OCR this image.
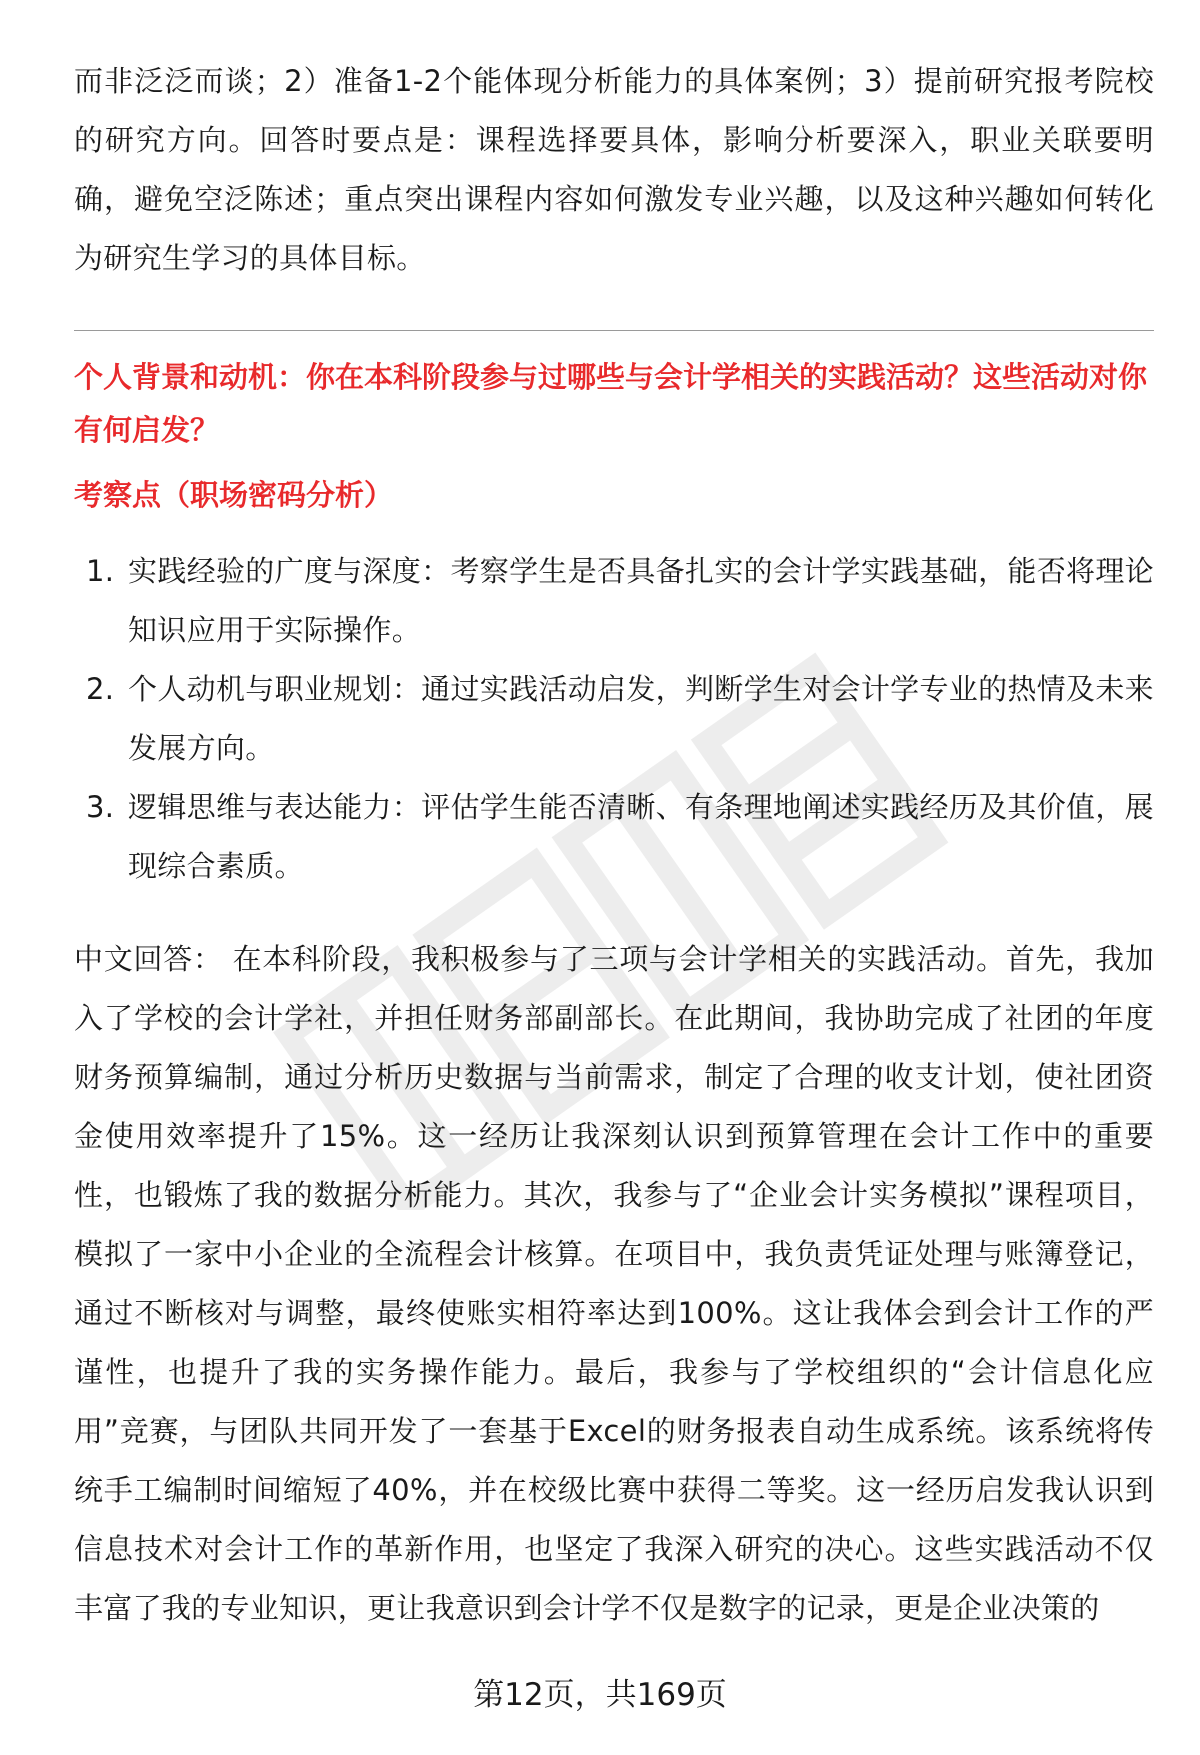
而非泛泛而谈；2）准备1-2个能体现分析能力的具体案例；3）提前研究报考院校的研究方向。回答时要点是：课程选择要具体，影响分析要深入，职业关联要明确，避免空泛陈述；重点突出课程内容如何激发专业兴趣，以及这种兴趣如何转化为研究生学习的具体目标。

个人背景和动机：你在本科阶段参与过哪些与会计学相关的实践活动？这些活动对你有何启发？
考察点（职场密码分析）
1. 实践经验的广度与深度：考察学生是否具备扎实的会计学实践基础，能否将理论知识应用于实际操作。
2. 个人动机与职业规划：通过实践活动启发，判断学生对会计学专业的热情及未来发展方向。
3. 逻辑思维与表达能力：评估学生能否清晰、有条理地阐述实践经历及其价值，展现综合素质。

中文回答： 在本科阶段，我积极参与了三项与会计学相关的实践活动。首先，我加入了学校的会计学社，并担任财务部副部长。在此期间，我协助完成了社团的年度财务预算编制，通过分析历史数据与当前需求，制定了合理的收支计划，使社团资金使用效率提升了15%。这一经历让我深刻认识到预算管理在会计工作中的重要性，也锻炼了我的数据分析能力。其次，我参与了“企业会计实务模拟”课程项目，模拟了一家中小企业的全流程会计核算。在项目中，我负责凭证处理与账簿登记，通过不断核对与调整，最终使账实相符率达到100%。这让我体会到会计工作的严谨性，也提升了我的实务操作能力。最后，我参与了学校组织的“会计信息化应用”竞赛，与团队共同开发了一套基于Excel的财务报表自动生成系统。该系统将传统手工编制时间缩短了40%，并在校级比赛中获得二等奖。这一经历启发我认识到信息技术对会计工作的革新作用，也坚定了我深入研究的决心。这些实践活动不仅丰富了我的专业知识，更让我意识到会计学不仅是数字的记录，更是企业决策的

第12页，共169页
